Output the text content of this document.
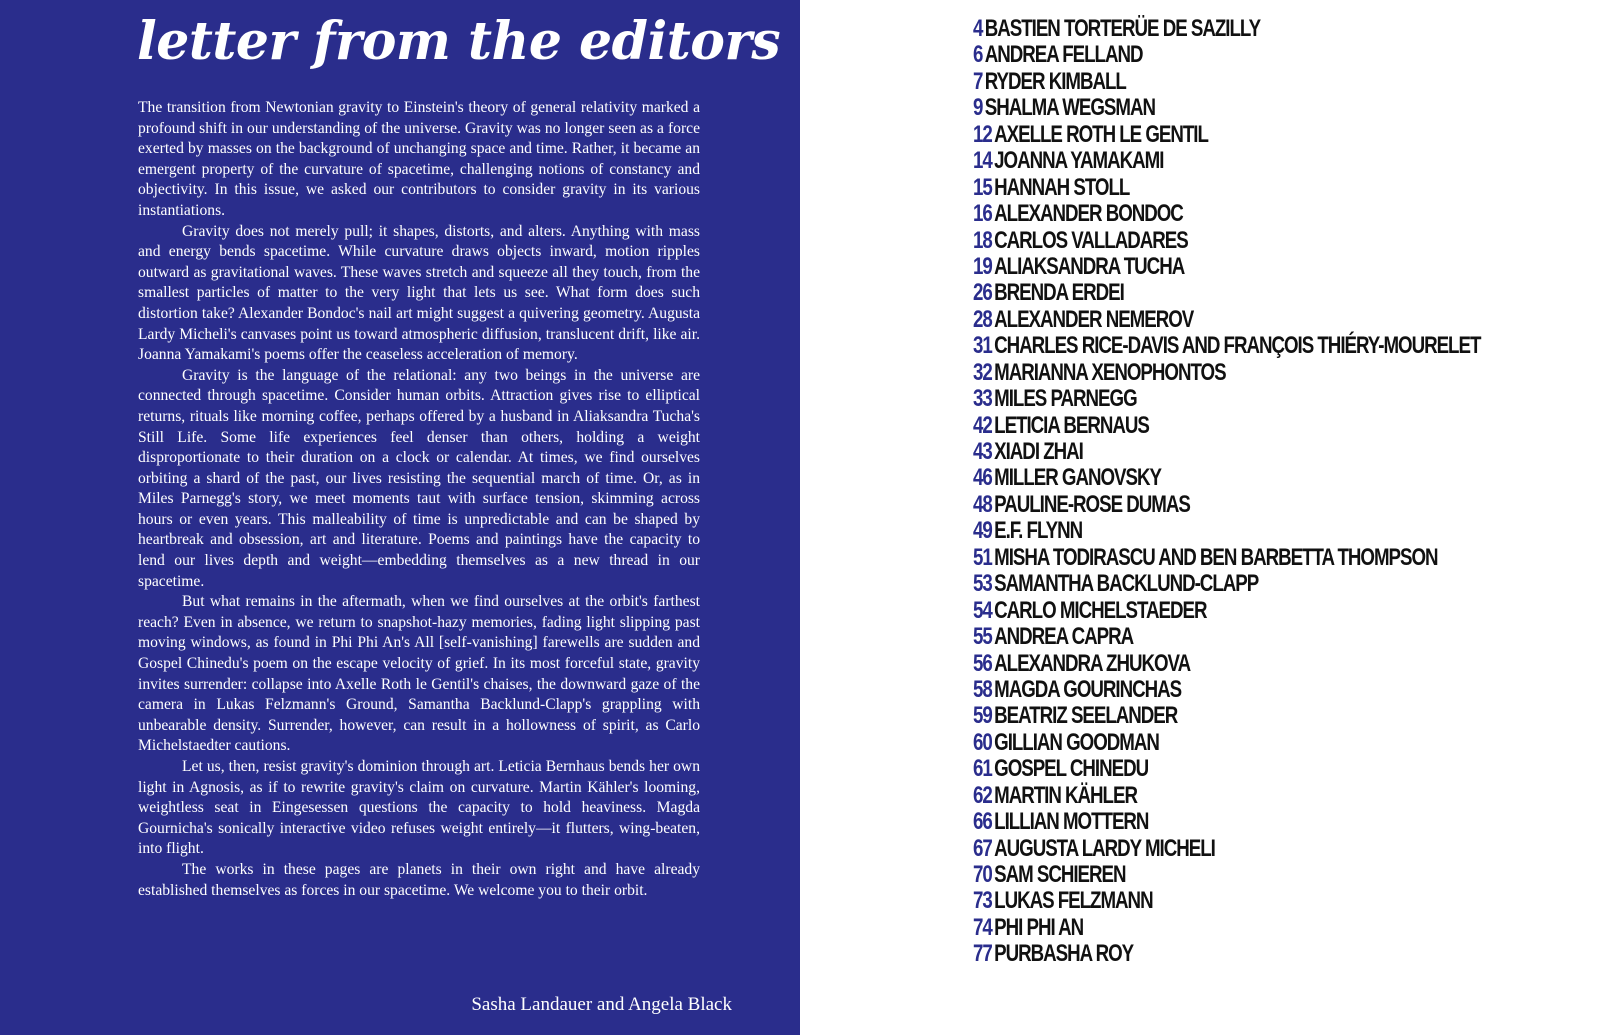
letter from the editors

The transition from Newtonian gravity to Einstein's theory of general relativity marked a profound shift in our understanding of the universe. Gravity was no longer seen as a force exerted by masses on the background of unchanging space and time. Rather, it became an emergent property of the curvature of spacetime, challenging notions of constancy and objectivity. In this issue, we asked our contributors to consider gravity in its various instantiations.

Gravity does not merely pull; it shapes, distorts, and alters. Anything with mass and energy bends spacetime. While curvature draws objects inward, motion ripples outward as gravitational waves. These waves stretch and squeeze all they touch, from the smallest particles of matter to the very light that lets us see. What form does such distortion take? Alexander Bondoc's nail art might suggest a quivering geometry. Augusta Lardy Micheli's canvases point us toward atmospheric diffusion, translucent drift, like air. Joanna Yamakami's poems offer the ceaseless acceleration of memory.

Gravity is the language of the relational: any two beings in the universe are connected through spacetime. Consider human orbits. Attraction gives rise to elliptical returns, rituals like morning coffee, perhaps offered by a husband in Aliaksandra Tucha's Still Life. Some life experiences feel denser than others, holding a weight disproportionate to their duration on a clock or calendar. At times, we find ourselves orbiting a shard of the past, our lives resisting the sequential march of time. Or, as in Miles Parnegg's story, we meet moments taut with surface tension, skimming across hours or even years. This malleability of time is unpredictable and can be shaped by heartbreak and obsession, art and literature. Poems and paintings have the capacity to lend our lives depth and weight—embedding themselves as a new thread in our spacetime.

But what remains in the aftermath, when we find ourselves at the orbit's farthest reach? Even in absence, we return to snapshot-hazy memories, fading light slipping past moving windows, as found in Phi Phi An's All [self-vanishing] farewells are sudden and Gospel Chinedu's poem on the escape velocity of grief. In its most forceful state, gravity invites surrender: collapse into Axelle Roth le Gentil's chaises, the downward gaze of the camera in Lukas Felzmann's Ground, Samantha Backlund-Clapp's grappling with unbearable density. Surrender, however, can result in a hollowness of spirit, as Carlo Michelstaedter cautions.

Let us, then, resist gravity's dominion through art. Leticia Bernhaus bends her own light in Agnosis, as if to rewrite gravity's claim on curvature. Martin Kähler's looming, weightless seat in Eingesessen questions the capacity to hold heaviness. Magda Gournicha's sonically interactive video refuses weight entirely—it flutters, wing-beaten, into flight.

The works in these pages are planets in their own right and have already established themselves as forces in our spacetime. We welcome you to their orbit.

Sasha Landauer and Angela Black
4 BASTIEN TORTERÜE DE SAZILLY
6 ANDREA FELLAND
7 RYDER KIMBALL
9 SHALMA WEGSMAN
12 AXELLE ROTH LE GENTIL
14 JOANNA YAMAKAMI
15 HANNAH STOLL
16 ALEXANDER BONDOC
18 CARLOS VALLADARES
19 ALIAKSANDRA TUCHA
26 BRENDA ERDEI
28 ALEXANDER NEMEROV
31 CHARLES RICE-DAVIS AND FRANÇOIS THIÉRY-MOURELET
32 MARIANNA XENOPHONTOS
33 MILES PARNEGG
42 LETICIA BERNAUS
43 XIADI ZHAI
46 MILLER GANOVSKY
48 PAULINE-ROSE DUMAS
49 E.F. FLYNN
51 MISHA TODIRASCU AND BEN BARBETTA THOMPSON
53 SAMANTHA BACKLUND-CLAPP
54 CARLO MICHELSTAEDER
55 ANDREA CAPRA
56 ALEXANDRA ZHUKOVA
58 MAGDA GOURINCHAS
59 BEATRIZ SEELANDER
60 GILLIAN GOODMAN
61 GOSPEL CHINEDU
62 MARTIN KÄHLER
66 LILLIAN MOTTERN
67 AUGUSTA LARDY MICHELI
70 SAM SCHIEREN
73 LUKAS FELZMANN
74 PHI PHI AN
77 PURBASHA ROY
